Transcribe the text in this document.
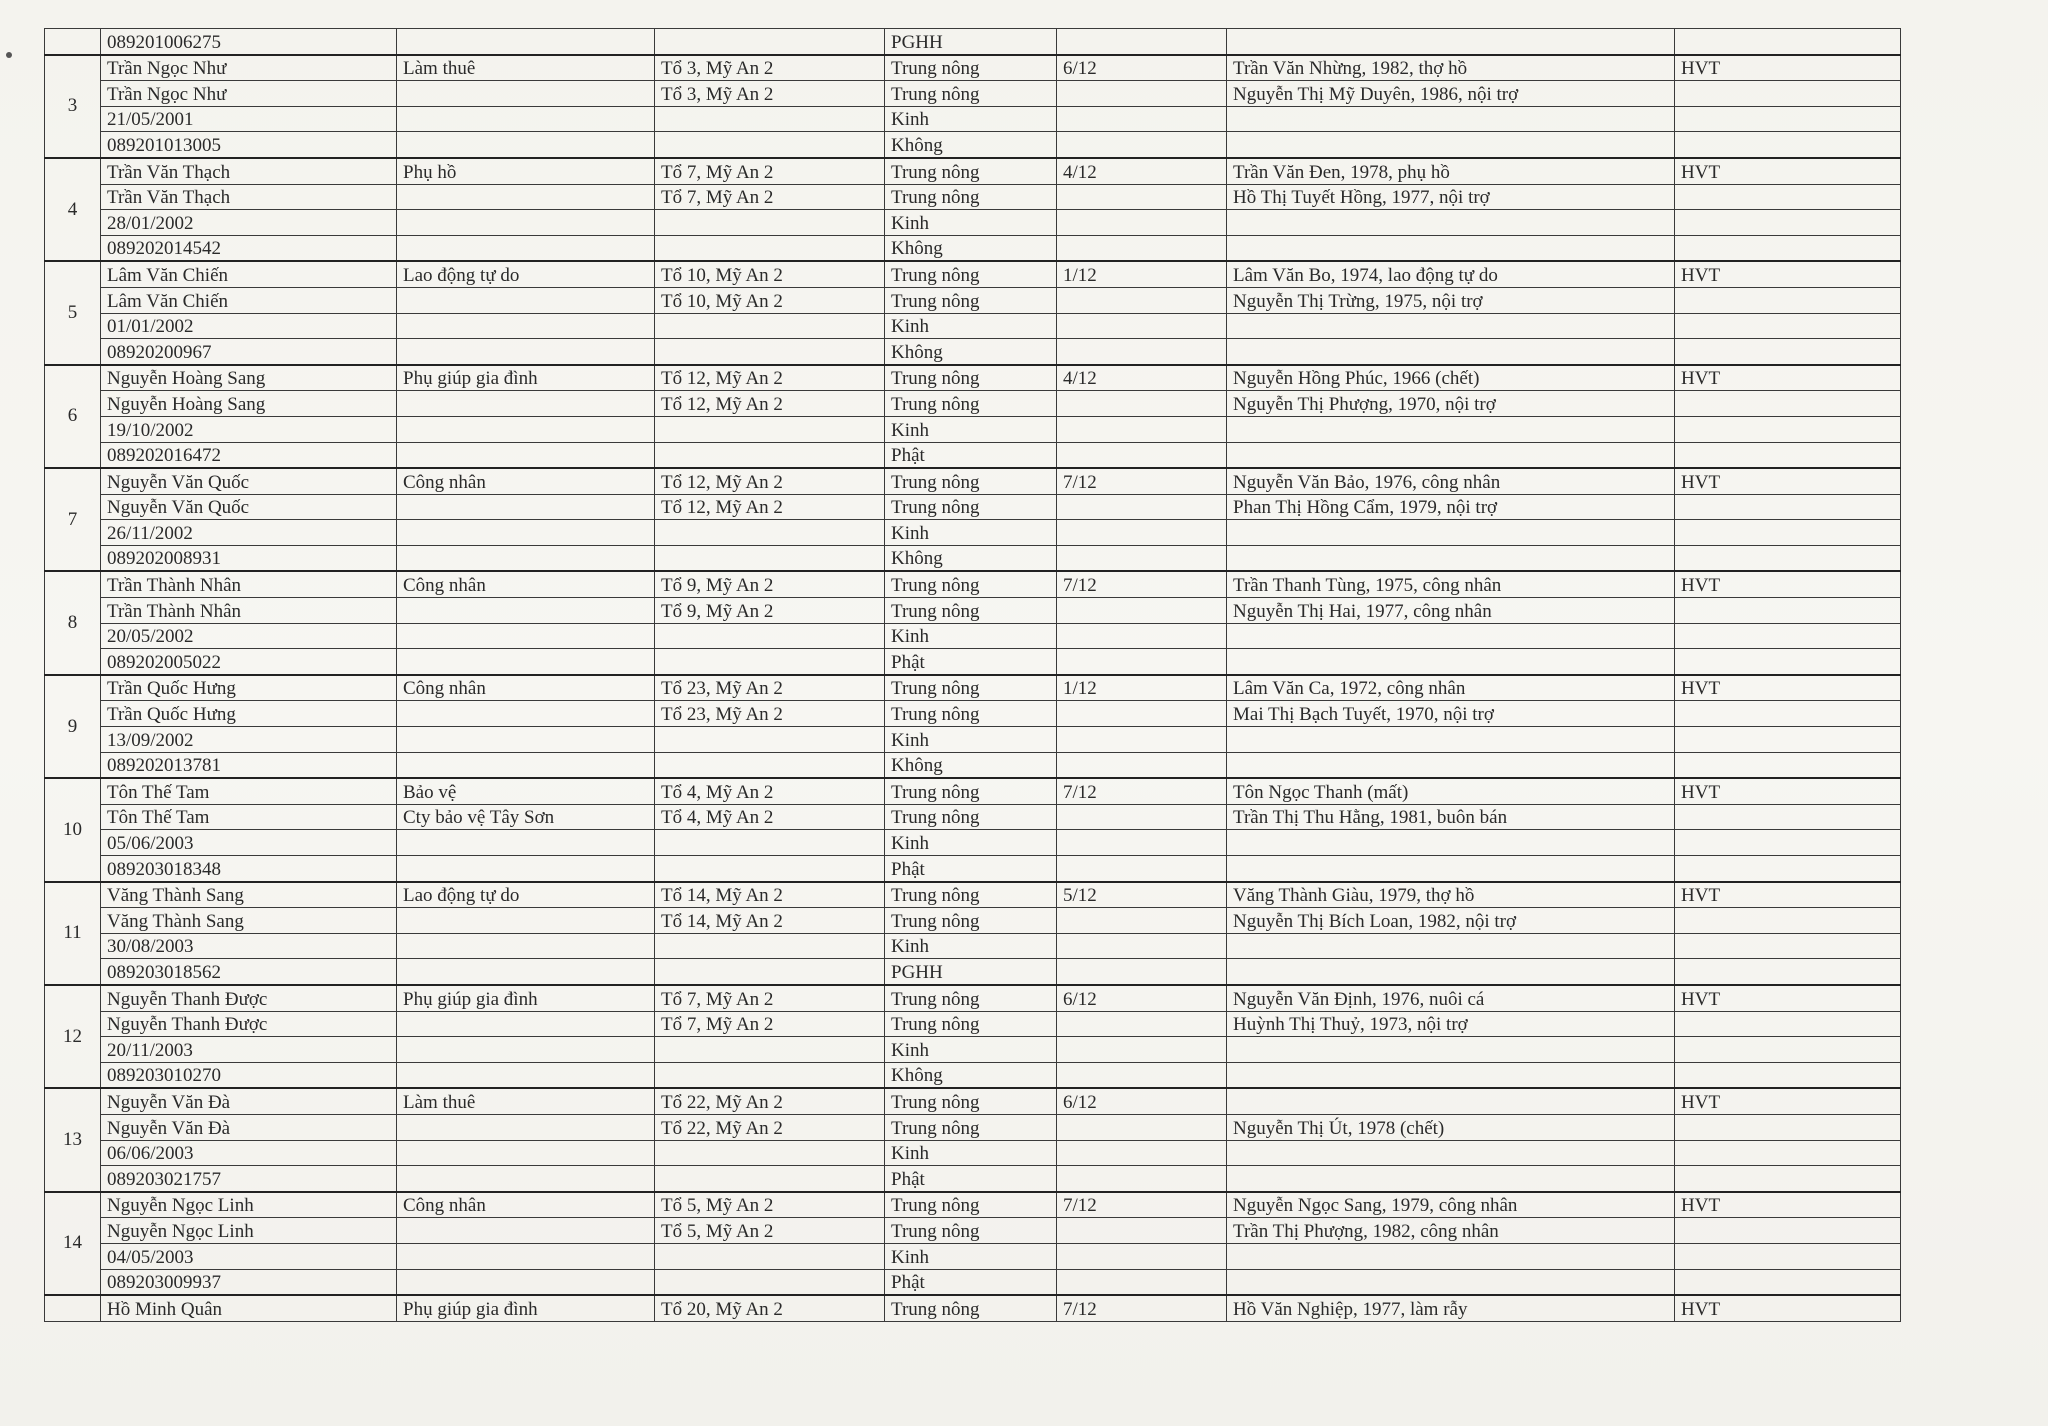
	089201006275			PGHH			
3	Trần Ngọc Như	Làm thuê	Tổ 3, Mỹ An 2	Trung nông	6/12	Trần Văn Nhừng, 1982, thợ hồ	HVT
	Trần Ngọc Như		Tổ 3, Mỹ An 2	Trung nông		Nguyễn Thị Mỹ Duyên, 1986, nội trợ	
	21/05/2001			Kinh			
	089201013005			Không			
4	Trần Văn Thạch	Phụ hồ	Tổ 7, Mỹ An 2	Trung nông	4/12	Trần Văn Đen, 1978, phụ hồ	HVT
	Trần Văn Thạch		Tổ 7, Mỹ An 2	Trung nông		Hồ Thị Tuyết Hồng, 1977, nội trợ	
	28/01/2002			Kinh			
	089202014542			Không			
5	Lâm Văn Chiến	Lao động tự do	Tổ 10, Mỹ An 2	Trung nông	1/12	Lâm Văn Bo, 1974, lao động tự do	HVT
	Lâm Văn Chiến		Tổ 10, Mỹ An 2	Trung nông		Nguyễn Thị Trừng, 1975, nội trợ	
	01/01/2002			Kinh			
	08920200967			Không			
6	Nguyễn Hoàng Sang	Phụ giúp gia đình	Tổ 12, Mỹ An 2	Trung nông	4/12	Nguyễn Hồng Phúc, 1966 (chết)	HVT
	Nguyễn Hoàng Sang		Tổ 12, Mỹ An 2	Trung nông		Nguyễn Thị Phượng, 1970, nội trợ	
	19/10/2002			Kinh			
	089202016472			Phật			
7	Nguyễn Văn Quốc	Công nhân	Tổ 12, Mỹ An 2	Trung nông	7/12	Nguyễn Văn Bảo, 1976, công nhân	HVT
	Nguyễn Văn Quốc		Tổ 12, Mỹ An 2	Trung nông		Phan Thị Hồng Cẩm, 1979, nội trợ	
	26/11/2002			Kinh			
	089202008931			Không			
8	Trần Thành Nhân	Công nhân	Tổ 9, Mỹ An 2	Trung nông	7/12	Trần Thanh Tùng, 1975, công nhân	HVT
	Trần Thành Nhân		Tổ 9, Mỹ An 2	Trung nông		Nguyễn Thị Hai, 1977, công nhân	
	20/05/2002			Kinh			
	089202005022			Phật			
9	Trần Quốc Hưng	Công nhân	Tổ 23, Mỹ An 2	Trung nông	1/12	Lâm Văn Ca, 1972, công nhân	HVT
	Trần Quốc Hưng		Tổ 23, Mỹ An 2	Trung nông		Mai Thị Bạch Tuyết, 1970, nội trợ	
	13/09/2002			Kinh			
	089202013781			Không			
10	Tôn Thế Tam	Bảo vệ	Tổ 4, Mỹ An 2	Trung nông	7/12	Tôn Ngọc Thanh (mất)	HVT
	Tôn Thế Tam	Cty bảo vệ Tây Sơn	Tổ 4, Mỹ An 2	Trung nông		Trần Thị Thu Hằng, 1981, buôn bán	
	05/06/2003			Kinh			
	089203018348			Phật			
11	Văng Thành Sang	Lao động tự do	Tổ 14, Mỹ An 2	Trung nông	5/12	Văng Thành Giàu, 1979, thợ hồ	HVT
	Văng Thành Sang		Tổ 14, Mỹ An 2	Trung nông		Nguyễn Thị Bích Loan, 1982, nội trợ	
	30/08/2003			Kinh			
	089203018562			PGHH			
12	Nguyễn Thanh Được	Phụ giúp gia đình	Tổ 7, Mỹ An 2	Trung nông	6/12	Nguyễn Văn Định, 1976, nuôi cá	HVT
	Nguyễn Thanh Được		Tổ 7, Mỹ An 2	Trung nông		Huỳnh Thị Thuỷ, 1973, nội trợ	
	20/11/2003			Kinh			
	089203010270			Không			
13	Nguyễn Văn Đà	Làm thuê	Tổ 22, Mỹ An 2	Trung nông	6/12		HVT
	Nguyễn Văn Đà		Tổ 22, Mỹ An 2	Trung nông		Nguyễn Thị Út, 1978 (chết)	
	06/06/2003			Kinh			
	089203021757			Phật			
14	Nguyễn Ngọc Linh	Công nhân	Tổ 5, Mỹ An 2	Trung nông	7/12	Nguyễn Ngọc Sang, 1979, công nhân	HVT
	Nguyễn Ngọc Linh		Tổ 5, Mỹ An 2	Trung nông		Trần Thị Phượng, 1982, công nhân	
	04/05/2003			Kinh			
	089203009937			Phật			
	Hồ Minh Quân	Phụ giúp gia đình	Tổ 20, Mỹ An 2	Trung nông	7/12	Hồ Văn Nghiệp, 1977, làm rẫy	HVT
